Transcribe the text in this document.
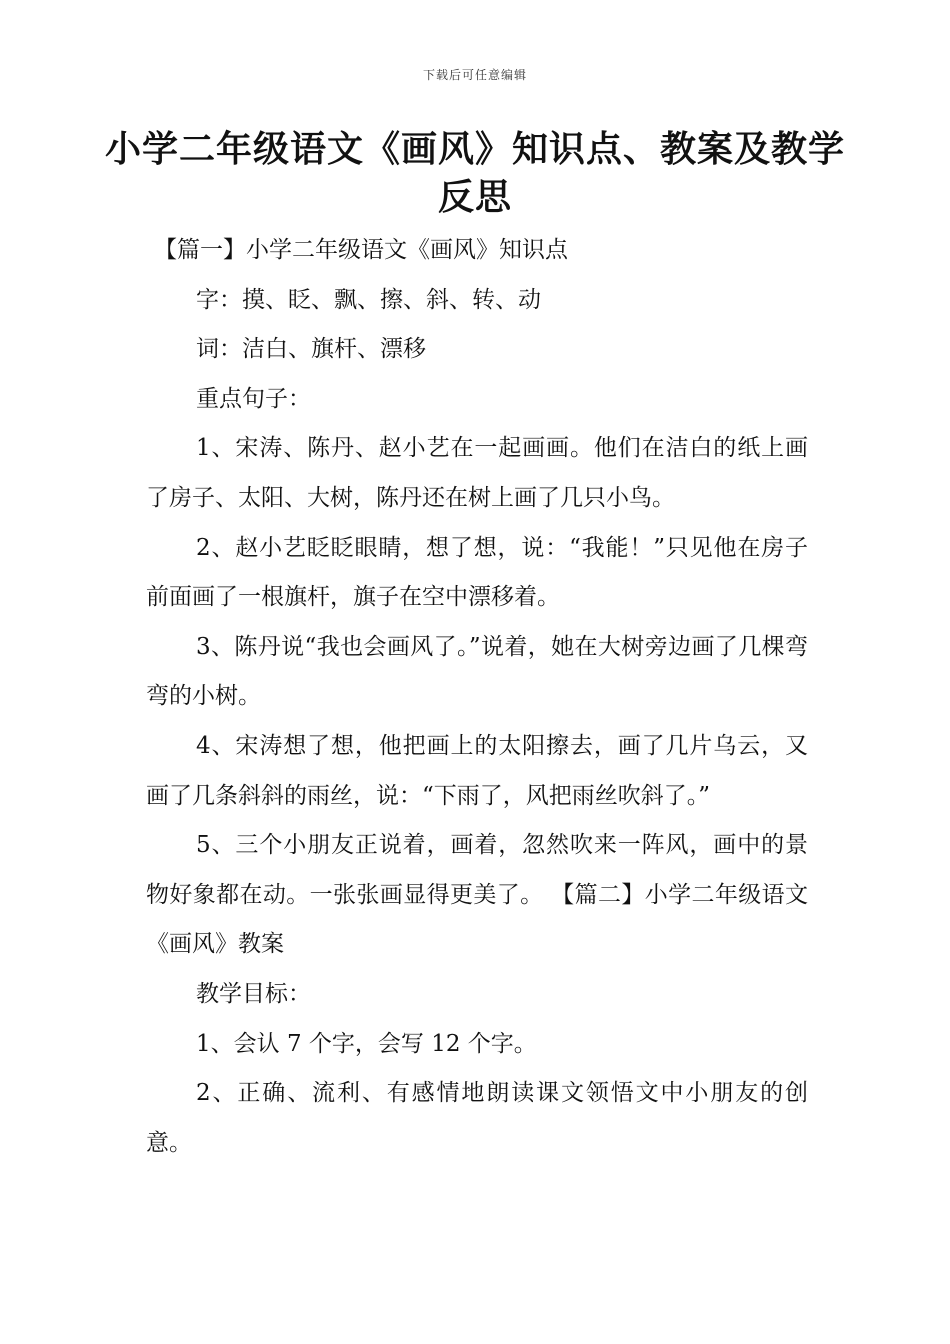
下载后可任意编辑
小学二年级语文《画风》知识点、教案及教学反思

【篇一】小学二年级语文《画风》知识点

字：摸、眨、飘、擦、斜、转、动

词：洁白、旗杆、漂移

重点句子：

1、宋涛、陈丹、赵小艺在一起画画。他们在洁白的纸上画了房子、太阳、大树，陈丹还在树上画了几只小鸟。

2、赵小艺眨眨眼睛，想了想，说：“我能！”只见他在房子前面画了一根旗杆，旗子在空中漂移着。

3、陈丹说“我也会画风了。”说着，她在大树旁边画了几棵弯弯的小树。

4、宋涛想了想，他把画上的太阳擦去，画了几片乌云，又画了几条斜斜的雨丝，说：“下雨了，风把雨丝吹斜了。”

5、三个小朋友正说着，画着，忽然吹来一阵风，画中的景物好象都在动。一张张画显得更美了。 【篇二】小学二年级语文《画风》教案

教学目标：

1、会认 7 个字，会写 12 个字。

2、正确、流利、有感情地朗读课文领悟文中小朋友的创意。
